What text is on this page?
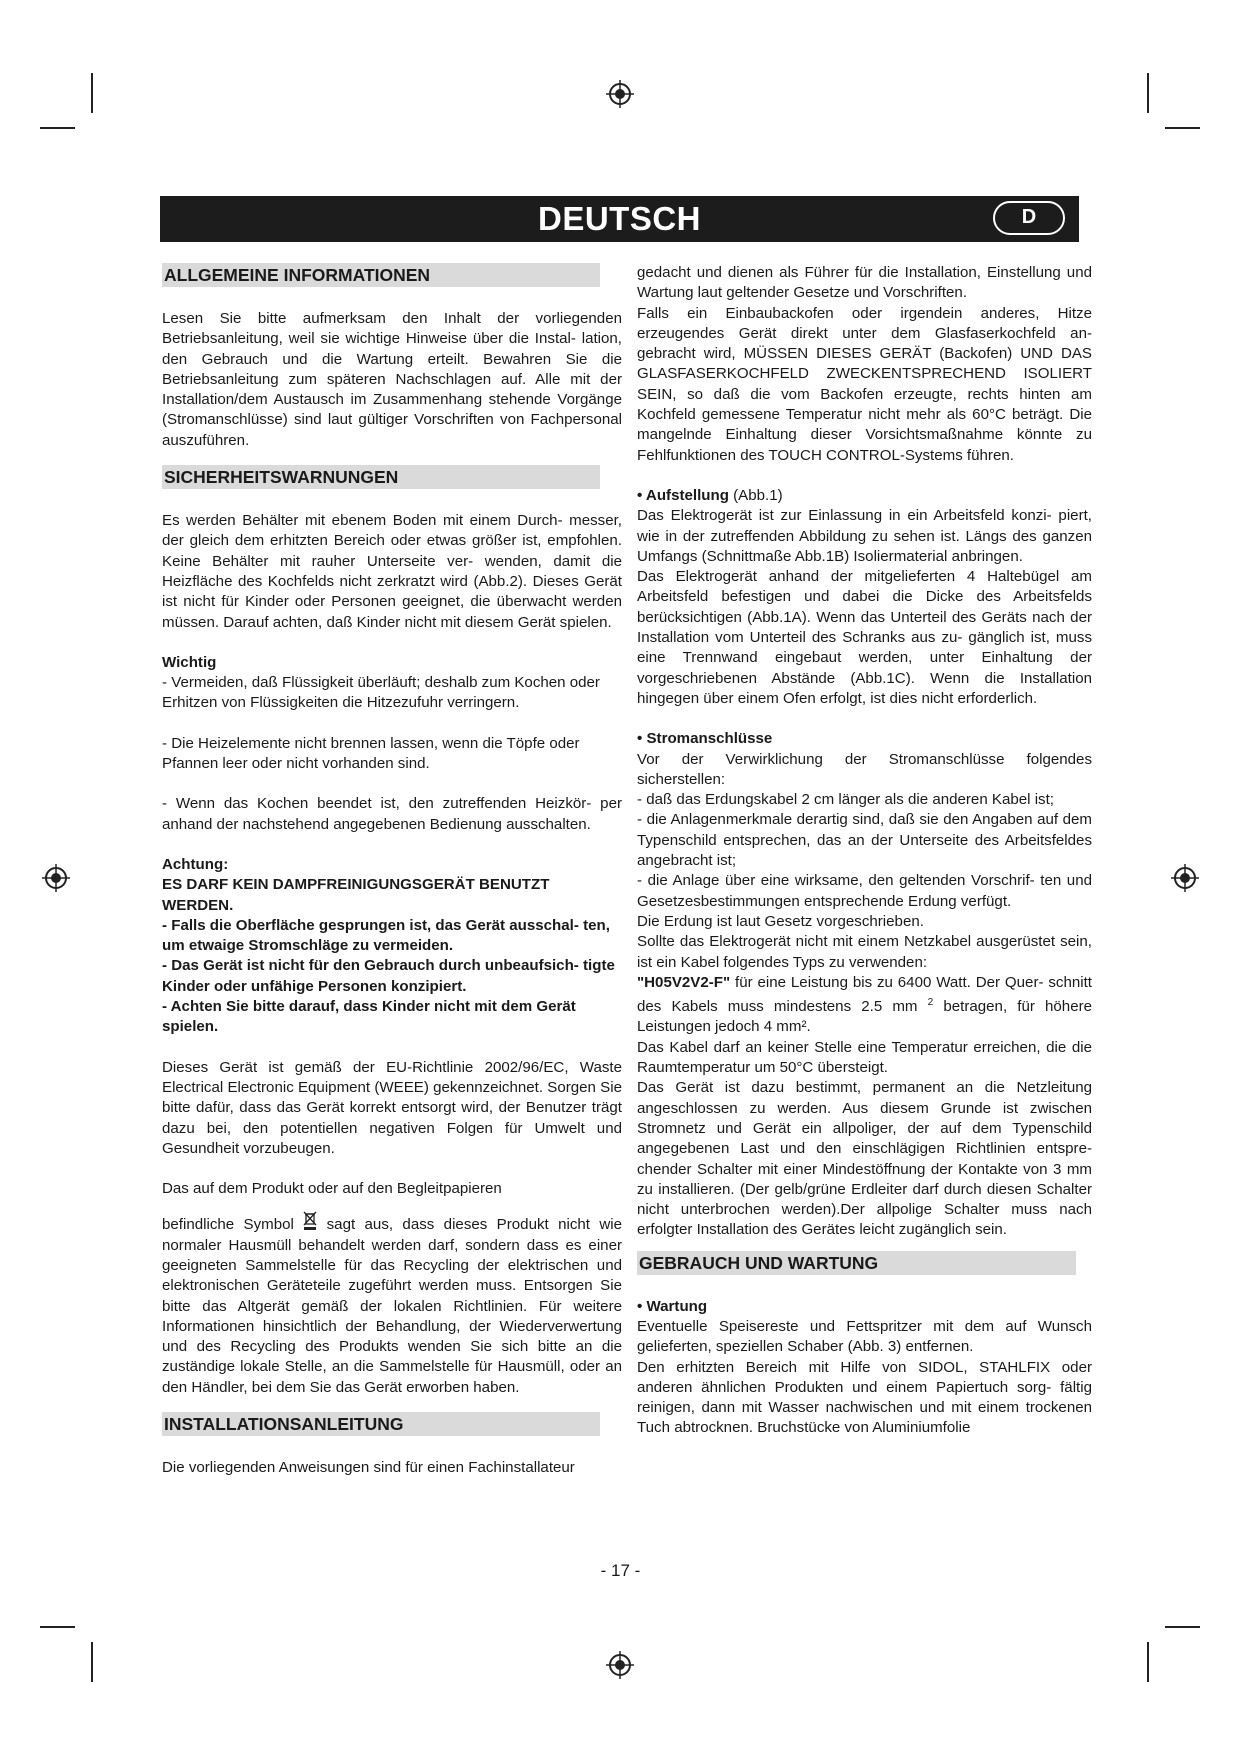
DEUTSCH	D
ALLGEMEINE INFORMATIONEN

Lesen Sie bitte aufmerksam den Inhalt der vorliegenden Betriebsanleitung, weil sie wichtige Hinweise über die Instal- lation, den Gebrauch und die Wartung erteilt. Bewahren Sie die Betriebsanleitung zum späteren Nachschlagen auf. Alle mit der Installation/dem Austausch im Zusammenhang stehende Vorgänge (Stromanschlüsse) sind laut gültiger Vorschriften von Fachpersonal auszuführen.

SICHERHEITSWARNUNGEN

Es werden Behälter mit ebenem Boden mit einem Durch- messer, der gleich dem erhitzten Bereich oder etwas größer ist, empfohlen. Keine Behälter mit rauher Unterseite ver- wenden, damit die Heizfläche des Kochfelds nicht zerkratzt wird (Abb.2). Dieses Gerät ist nicht für Kinder oder Personen geeignet, die überwacht werden müssen. Darauf achten, daß Kinder nicht mit diesem Gerät spielen.

Wichtig

- Vermeiden, daß Flüssigkeit überläuft; deshalb zum Kochen oder Erhitzen von Flüssigkeiten die Hitzezufuhr verringern.

- Die Heizelemente nicht brennen lassen, wenn die Töpfe oder Pfannen leer oder nicht vorhanden sind.

- Wenn das Kochen beendet ist, den zutreffenden Heizkör- per anhand der nachstehend angegebenen Bedienung ausschalten.

Achtung:

ES DARF KEIN DAMPFREINIGUNGSGERÄT BENUTZT WERDEN.

- Falls die Oberfläche gesprungen ist, das Gerät ausschal- ten, um etwaige Stromschläge zu vermeiden.

- Das Gerät ist nicht für den Gebrauch durch unbeaufsich- tigte Kinder oder unfähige Personen konzipiert.

- Achten Sie bitte darauf, dass Kinder nicht mit dem Gerät spielen.

Dieses Gerät ist gemäß der EU-Richtlinie 2002/96/EC, Waste Electrical Electronic Equipment (WEEE) gekennzeichnet. Sorgen Sie bitte dafür, dass das Gerät korrekt entsorgt wird, der Benutzer trägt dazu bei, den potentiellen negativen Folgen für Umwelt und Gesundheit vorzubeugen.

Das auf dem Produkt oder auf den Begleitpapieren

befindliche Symbol sagt aus, dass dieses Produkt nicht wie normaler Hausmüll behandelt werden darf, sondern dass es einer geeigneten Sammelstelle für das Recycling der elektrischen und elektronischen Geräteteile zugeführt werden muss. Entsorgen Sie bitte das Altgerät gemäß der lokalen Richtlinien. Für weitere Informationen hinsichtlich der Behandlung, der Wiederverwertung und des Recycling des Produkts wenden Sie sich bitte an die zuständige lokale Stelle, an die Sammelstelle für Hausmüll, oder an den Händler, bei dem Sie das Gerät erworben haben.

INSTALLATIONSANLEITUNG

Die vorliegenden Anweisungen sind für einen Fachinstallateur

gedacht und dienen als Führer für die Installation, Einstellung und Wartung laut geltender Gesetze und Vorschriften.

Falls ein Einbaubackofen oder irgendein anderes, Hitze erzeugendes Gerät direkt unter dem Glasfaserkochfeld an- gebracht wird, MÜSSEN DIESES GERÄT (Backofen) UND DAS GLASFASERKOCHFELD ZWECKENTSPRECHEND ISOLIERT SEIN, so daß die vom Backofen erzeugte, rechts hinten am Kochfeld gemessene Temperatur nicht mehr als 60°C beträgt. Die mangelnde Einhaltung dieser Vorsichtsmaßnahme könnte zu Fehlfunktionen des TOUCH CONTROL-Systems führen.

• Aufstellung (Abb.1)

Das Elektrogerät ist zur Einlassung in ein Arbeitsfeld konzi- piert, wie in der zutreffenden Abbildung zu sehen ist. Längs des ganzen Umfangs (Schnittmaße Abb.1B) Isoliermaterial anbringen.

Das Elektrogerät anhand der mitgelieferten 4 Haltebügel am Arbeitsfeld befestigen und dabei die Dicke des Arbeitsfelds berücksichtigen (Abb.1A). Wenn das Unterteil des Geräts nach der Installation vom Unterteil des Schranks aus zu- gänglich ist, muss eine Trennwand eingebaut werden, unter Einhaltung der vorgeschriebenen Abstände (Abb.1C). Wenn die Installation hingegen über einem Ofen erfolgt, ist dies nicht erforderlich.

• Stromanschlüsse

Vor der Verwirklichung der Stromanschlüsse folgendes sicherstellen:

- daß das Erdungskabel 2 cm länger als die anderen Kabel ist;

- die Anlagenmerkmale derartig sind, daß sie den Angaben auf dem Typenschild entsprechen, das an der Unterseite des Arbeitsfeldes angebracht ist;

- die Anlage über eine wirksame, den geltenden Vorschrif- ten und Gesetzesbestimmungen entsprechende Erdung verfügt.

Die Erdung ist laut Gesetz vorgeschrieben.

Sollte das Elektrogerät nicht mit einem Netzkabel ausgerüstet sein, ist ein Kabel folgendes Typs zu verwenden:

"H05V2V2-F" für eine Leistung bis zu 6400 Watt. Der Quer- schnitt des Kabels muss mindestens 2.5 mm $^2$ betragen, für höhere Leistungen jedoch 4 mm².

Das Kabel darf an keiner Stelle eine Temperatur erreichen, die die Raumtemperatur um 50°C übersteigt.

Das Gerät ist dazu bestimmt, permanent an die Netzleitung angeschlossen zu werden. Aus diesem Grunde ist zwischen Stromnetz und Gerät ein allpoliger, der auf dem Typenschild angegebenen Last und den einschlägigen Richtlinien entspre- chender Schalter mit einer Mindestöffnung der Kontakte von 3 mm zu installieren. (Der gelb/grüne Erdleiter darf durch diesen Schalter nicht unterbrochen werden).Der allpolige Schalter muss nach erfolgter Installation des Gerätes leicht zugänglich sein.

GEBRAUCH UND WARTUNG

• Wartung

Eventuelle Speisereste und Fettspritzer mit dem auf Wunsch gelieferten, speziellen Schaber (Abb. 3) entfernen.

Den erhitzten Bereich mit Hilfe von SIDOL, STAHLFIX oder anderen ähnlichen Produkten und einem Papiertuch sorg- fältig reinigen, dann mit Wasser nachwischen und mit einem trockenen Tuch abtrocknen. Bruchstücke von Aluminiumfolie

- 17 -
